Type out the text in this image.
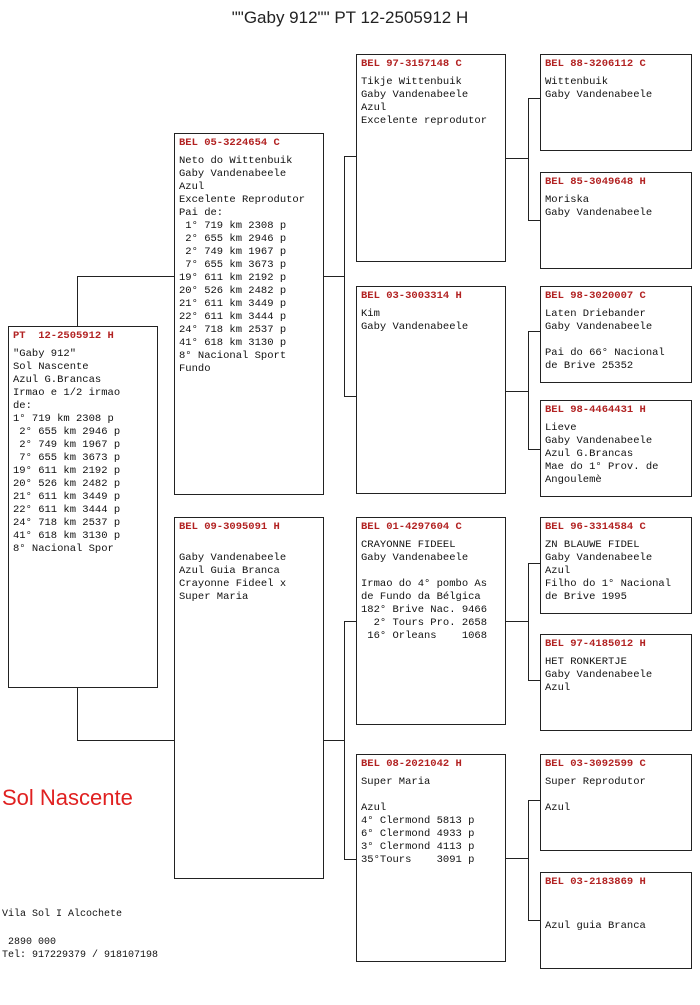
""Gaby 912"" PT 12-2505912 H
PT  12-2505912 H
"Gaby 912"
Sol Nascente
Azul G.Brancas
Irmao e 1/2 irmao
de:
1° 719 km 2308 p
2° 655 km 2946 p
2° 749 km 1967 p
7° 655 km 3673 p
19° 611 km 2192 p
20° 526 km 2482 p
21° 611 km 3449 p
22° 611 km 3444 p
24° 718 km 2537 p
41° 618 km 3130 p
8° Nacional Spor
BEL 05-3224654 C
Neto do Wittenbuik
Gaby Vandenabeele
Azul
Excelente Reprodutor
Pai de:
1° 719 km 2308 p
2° 655 km 2946 p
2° 749 km 1967 p
7° 655 km 3673 p
19° 611 km 2192 p
20° 526 km 2482 p
21° 611 km 3449 p
22° 611 km 3444 p
24° 718 km 2537 p
41° 618 km 3130 p
8° Nacional Sport
Fundo
BEL 09-3095091 H
Gaby Vandenabeele
Azul Guia Branca
Crayonne Fideel x
Super Maria
BEL 97-3157148 C
Tikje Wittenbuik
Gaby Vandenabeele
Azul
Excelente reprodutor
BEL 03-3003314 H
Kim
Gaby Vandenabeele
BEL 01-4297604 C
CRAYONNE FIDEEL
Gaby Vandenabeele
Irmao do 4° pombo As
de Fundo da Bélgica
182° Brive Nac. 9466
2° Tours Pro. 2658
16° Orleans    1068
BEL 08-2021042 H
Super Maria
Azul
4° Clermond 5813 p
6° Clermond 4933 p
3° Clermond 4113 p
35°Tours    3091 p
BEL 88-3206112 C
Wittenbuik
Gaby Vandenabeele
BEL 85-3049648 H
Moriska
Gaby Vandenabeele
BEL 98-3020007 C
Laten Driebander
Gaby Vandenabeele
Pai do 66° Nacional
de Brive 25352
BEL 98-4464431 H
Lieve
Gaby Vandenabeele
Azul G.Brancas
Mae do 1° Prov. de
Angoulemè
BEL 96-3314584 C
ZN BLAUWE FIDEL
Gaby Vandenabeele
Azul
Filho do 1° Nacional
de Brive 1995
BEL 97-4185012 H
HET RONKERTJE
Gaby Vandenabeele
Azul
BEL 03-3092599 C
Super Reprodutor
Azul
BEL 03-2183869 H
Azul guia Branca
Sol Nascente
Vila Sol I Alcochete
2890 000
Tel: 917229379 / 918107198
